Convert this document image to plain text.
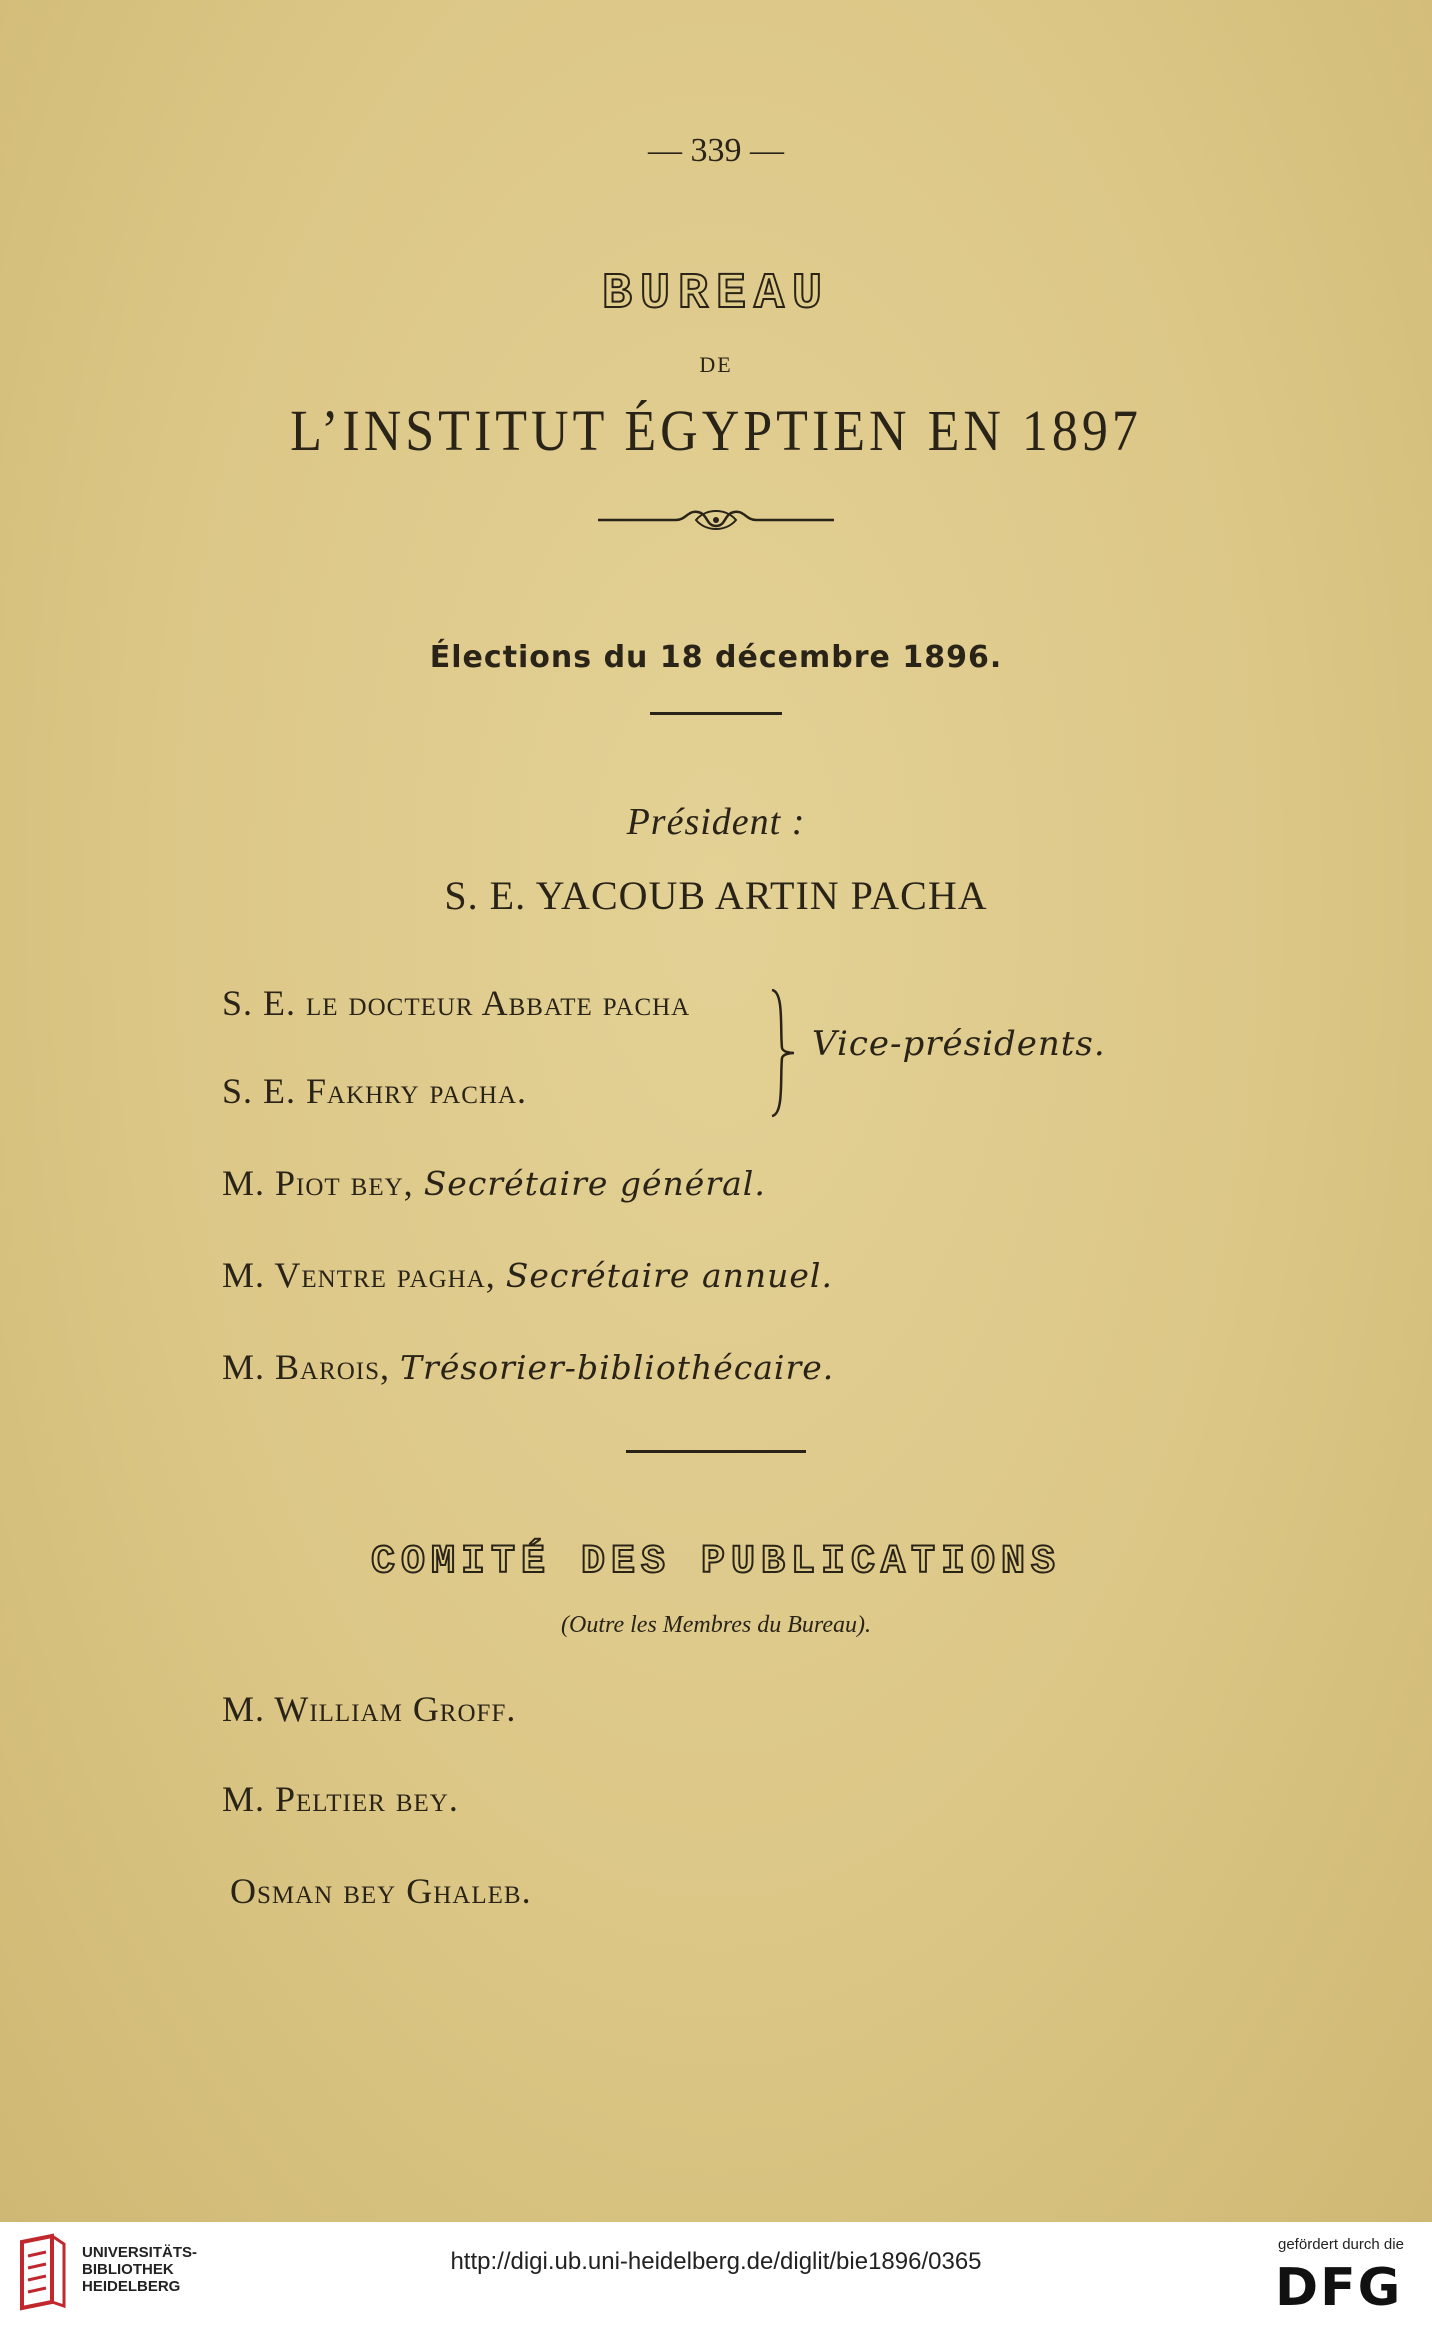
— 339 —
BUREAU
DE
L’INSTITUT ÉGYPTIEN EN 1897
Élections du 18 décembre 1896.
Président :
S. E. YACOUB ARTIN PACHA
S. E. le docteur Abbate pacha
S. E. Fakhry pacha.
Vice-présidents.
M. Piot bey, Secrétaire général.
M. Ventre pagha, Secrétaire annuel.
M. Barois, Trésorier-bibliothécaire.
COMITÉ DES PUBLICATIONS
(Outre les Membres du Bureau).
M. William Groff.
M. Peltier bey.
Osman bey Ghaleb.
UNIVERSITÄTS-
BIBLIOTHEK
HEIDELBERG
http://digi.ub.uni-heidelberg.de/diglit/bie1896/0365
gefördert durch die
DFG
